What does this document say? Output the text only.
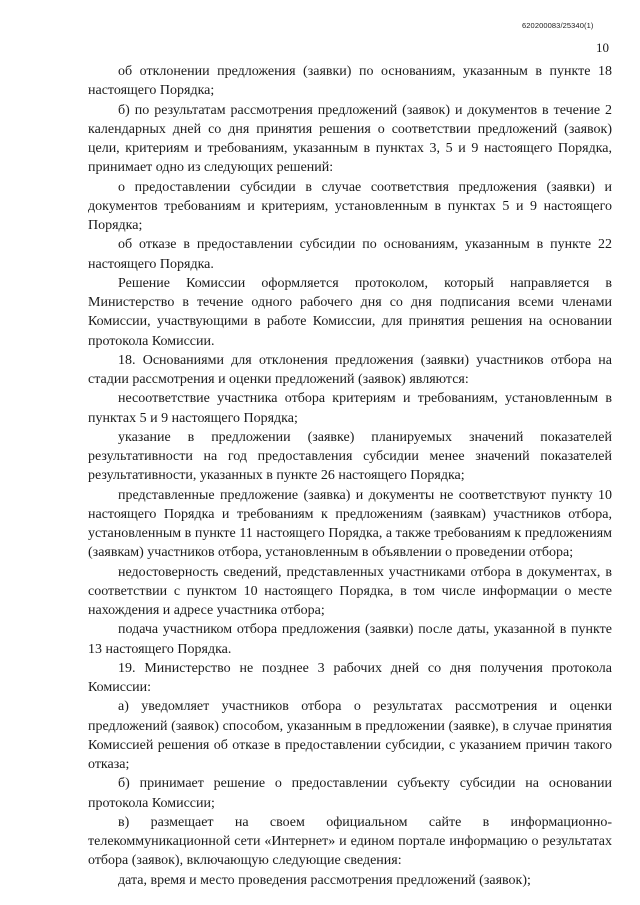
620200083/25340(1)
10

об отклонении предложения (заявки) по основаниям, указанным в пункте 18 настоящего Порядка;

б) по результатам рассмотрения предложений (заявок) и документов в течение 2 календарных дней со дня принятия решения о соответствии предложений (заявок) цели, критериям и требованиям, указанным в пунктах 3, 5 и 9 настоящего Порядка, принимает одно из следующих решений:

о предоставлении субсидии в случае соответствия предложения (заявки) и документов требованиям и критериям, установленным в пунктах 5 и 9 настоящего Порядка;

об отказе в предоставлении субсидии по основаниям, указанным в пункте 22 настоящего Порядка.

Решение Комиссии оформляется протоколом, который направляется в Министерство в течение одного рабочего дня со дня подписания всеми членами Комиссии, участвующими в работе Комиссии, для принятия решения на основании протокола Комиссии.

18. Основаниями для отклонения предложения (заявки) участников отбора на стадии рассмотрения и оценки предложений (заявок) являются:

несоответствие участника отбора критериям и требованиям, установленным в пунктах 5 и 9 настоящего Порядка;

указание в предложении (заявке) планируемых значений показателей результативности на год предоставления субсидии менее значений показателей результативности, указанных в пункте 26 настоящего Порядка;

представленные предложение (заявка) и документы не соответствуют пункту 10 настоящего Порядка и требованиям к предложениям (заявкам) участников отбора, установленным в пункте 11 настоящего Порядка, а также требованиям к предложениям (заявкам) участников отбора, установленным в объявлении о проведении отбора;

недостоверность сведений, представленных участниками отбора в документах, в соответствии с пунктом 10 настоящего Порядка, в том числе информации о месте нахождения и адресе участника отбора;

подача участником отбора предложения (заявки) после даты, указанной в пункте 13 настоящего Порядка.

19. Министерство не позднее 3 рабочих дней со дня получения протокола Комиссии:

а) уведомляет участников отбора о результатах рассмотрения и оценки предложений (заявок) способом, указанным в предложении (заявке), в случае принятия Комиссией решения об отказе в предоставлении субсидии, с указанием причин такого отказа;

б) принимает решение о предоставлении субъекту субсидии на основании протокола Комиссии;

в) размещает на своем официальном сайте в информационно-телекоммуникационной сети «Интернет» и едином портале информацию о результатах отбора (заявок), включающую следующие сведения:

дата, время и место проведения рассмотрения предложений (заявок);
